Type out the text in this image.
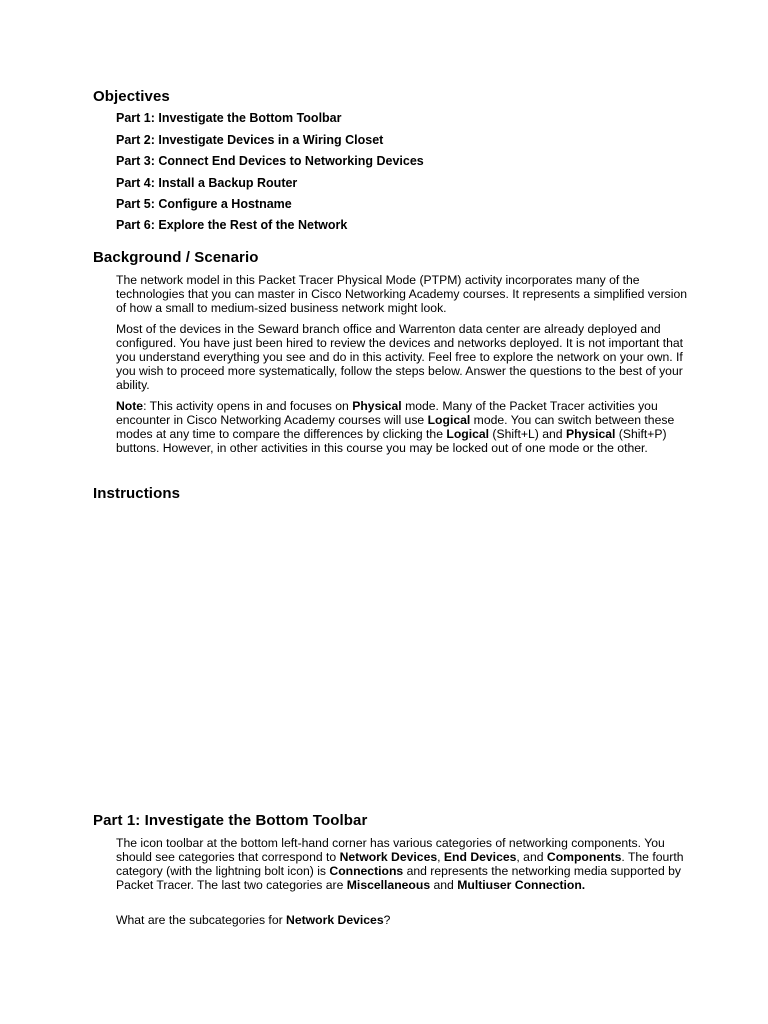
Objectives

Part 1: Investigate the Bottom Toolbar

Part 2: Investigate Devices in a Wiring Closet

Part 3: Connect End Devices to Networking Devices

Part 4: Install a Backup Router

Part 5: Configure a Hostname

Part 6: Explore the Rest of the Network

Background / Scenario

The network model in this Packet Tracer Physical Mode (PTPM) activity incorporates many of the technologies that you can master in Cisco Networking Academy courses. It represents a simplified version of how a small to medium-sized business network might look.

Most of the devices in the Seward branch office and Warrenton data center are already deployed and configured. You have just been hired to review the devices and networks deployed. It is not important that you understand everything you see and do in this activity. Feel free to explore the network on your own. If you wish to proceed more systematically, follow the steps below. Answer the questions to the best of your ability.

Note: This activity opens in and focuses on Physical mode. Many of the Packet Tracer activities you encounter in Cisco Networking Academy courses will use Logical mode. You can switch between these modes at any time to compare the differences by clicking the Logical (Shift+L) and Physical (Shift+P) buttons. However, in other activities in this course you may be locked out of one mode or the other.

Instructions
Part 1: Investigate the Bottom Toolbar

The icon toolbar at the bottom left-hand corner has various categories of networking components. You should see categories that correspond to Network Devices, End Devices, and Components. The fourth category (with the lightning bolt icon) is Connections and represents the networking media supported by Packet Tracer. The last two categories are Miscellaneous and Multiuser Connection.

What are the subcategories for Network Devices?
